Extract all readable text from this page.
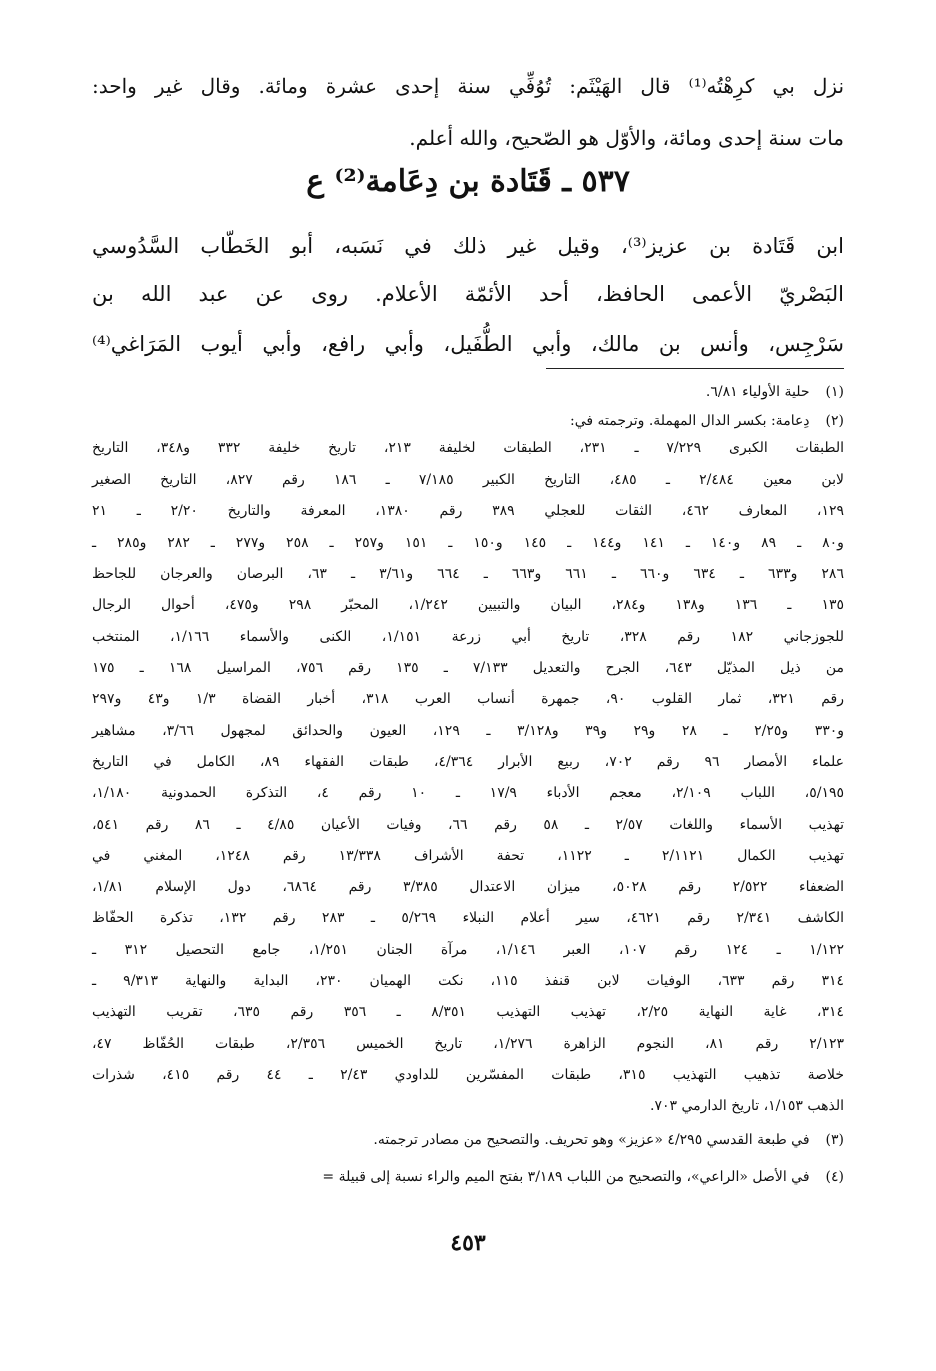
نزل بي كرِهْتُه⁽¹⁾ قال الهَيْثَم: تُوُفِّي سنة إحدى عشرة ومائة. وقال غير واحد:
مات سنة إحدى ومائة، والأوّل هو الصّحيح، والله أعلم.
٥٣٧ ـ قَتَادة بن دِعَامة⁽²⁾ ع
ابن قَتَادة بن عزيز⁽³⁾، وقيل غير ذلك في نَسَبه، أبو الخَطّاب السَّدُوسي
البَصْريّ الأعمى الحافظ، أحد الأئمّة الأعلام. روى عن عبد الله بن
سَرْجِس، وأنس بن مالك، وأبي الطُّفَيل، وأبي رافع، وأبي أيوب المَرَاغي⁽⁴⁾
(١) حلية الأولياء ٦/٨١.
(٢) دِعامة: بكسر الدال المهملة. وترجمته في:
الطبقات الكبرى ٧/٢٢٩ ـ ٢٣١، الطبقات لخليفة ٢١٣، تاريخ خليفة ٣٣٢ و٣٤٨، التاريخ
لابن معين ٢/٤٨٤ ـ ٤٨٥، التاريخ الكبير ٧/١٨٥ ـ ١٨٦ رقم ٨٢٧، التاريخ الصغير
١٢٩، المعارف ٤٦٢، الثقات للعجلي ٣٨٩ رقم ١٣٨٠، المعرفة والتاريخ ٢/٢٠ ـ ٢١
و٨٠ ـ ٨٩ و١٤٠ ـ ١٤١ و١٤٤ ـ ١٤٥ و١٥٠ ـ ١٥١ و٢٥٧ ـ ٢٥٨ و٢٧٧ ـ ٢٨٢ و٢٨٥ ـ
٢٨٦ و٦٣٣ ـ ٦٣٤ و٦٦٠ ـ ٦٦١ و٦٦٣ ـ ٦٦٤ و٣/٦١ ـ ٦٣، البرصان والعرجان للجاحظ
١٣٥ ـ ١٣٦ و١٣٨ و٢٨٤، البيان والتبيين ١/٢٤٢، المحبّر ٢٩٨ و٤٧٥، أحوال الرجال
للجوزجاني ١٨٢ رقم ٣٢٨، تاريخ أبي زرعة ١/١٥١، الكنى والأسماء ١/١٦٦، المنتخب
من ذيل المذيّل ٦٤٣، الجرح والتعديل ٧/١٣٣ ـ ١٣٥ رقم ٧٥٦، المراسيل ١٦٨ ـ ١٧٥
رقم ٣٢١، ثمار القلوب ٩٠، جمهرة أنساب العرب ٣١٨، أخبار القضاة ١/٣ و٤٣ و٢٩٧
و٣٣٠ و٢/٢٥ ـ ٢٨ و٢٩ و٣٩ و٣/١٢٨ ـ ١٢٩، العيون والحدائق لمجهول ٣/٦٦، مشاهير
علماء الأمصار ٩٦ رقم ٧٠٢، ربيع الأبرار ٤/٣٦٤، طبقات الفقهاء ٨٩، الكامل في التاريخ
٥/١٩٥، اللباب ٢/١٠٩، معجم الأدباء ١٧/٩ ـ ١٠ رقم ٤، التذكرة الحمدونية ١/١٨٠،
تهذيب الأسماء واللغات ٢/٥٧ ـ ٥٨ رقم ٦٦، وفيات الأعيان ٤/٨٥ ـ ٨٦ رقم ٥٤١،
تهذيب الكمال ٢/١١٢١ ـ ١١٢٢، تحفة الأشراف ١٣/٣٣٨ رقم ١٢٤٨، المغني في
الضعفاء ٢/٥٢٢ رقم ٥٠٢٨، ميزان الاعتدال ٣/٣٨٥ رقم ٦٨٦٤، دول الإسلام ١/٨١،
الكاشف ٢/٣٤١ رقم ٤٦٢١، سير أعلام النبلاء ٥/٢٦٩ ـ ٢٨٣ رقم ١٣٢، تذكرة الحفّاظ
١/١٢٢ ـ ١٢٤ رقم ١٠٧، العبر ١/١٤٦، مرآة الجنان ١/٢٥١، جامع التحصيل ٣١٢ ـ
٣١٤ رقم ٦٣٣، الوفيات لابن قنفذ ١١٥، نكت الهميان ٢٣٠، البداية والنهاية ٩/٣١٣ ـ
٣١٤، غاية النهاية ٢/٢٥، تهذيب التهذيب ٨/٣٥١ ـ ٣٥٦ رقم ٦٣٥، تقريب التهذيب
٢/١٢٣ رقم ٨١، النجوم الزاهرة ١/٢٧٦، تاريخ الخميس ٢/٣٥٦، طبقات الحُفّاظ ٤٧،
خلاصة تذهيب التهذيب ٣١٥، طبقات المفسّرين للداودي ٢/٤٣ ـ ٤٤ رقم ٤١٥، شذرات
الذهب ١/١٥٣، تاريخ الدارمي ٧٠٣.
(٣) في طبعة القدسي ٤/٢٩٥ «عزيز» وهو تحريف. والتصحيح من مصادر ترجمته.
(٤) في الأصل «الراعي»، والتصحيح من اللباب ٣/١٨٩ بفتح الميم والراء نسبة إلى قبيلة =
٤٥٣
